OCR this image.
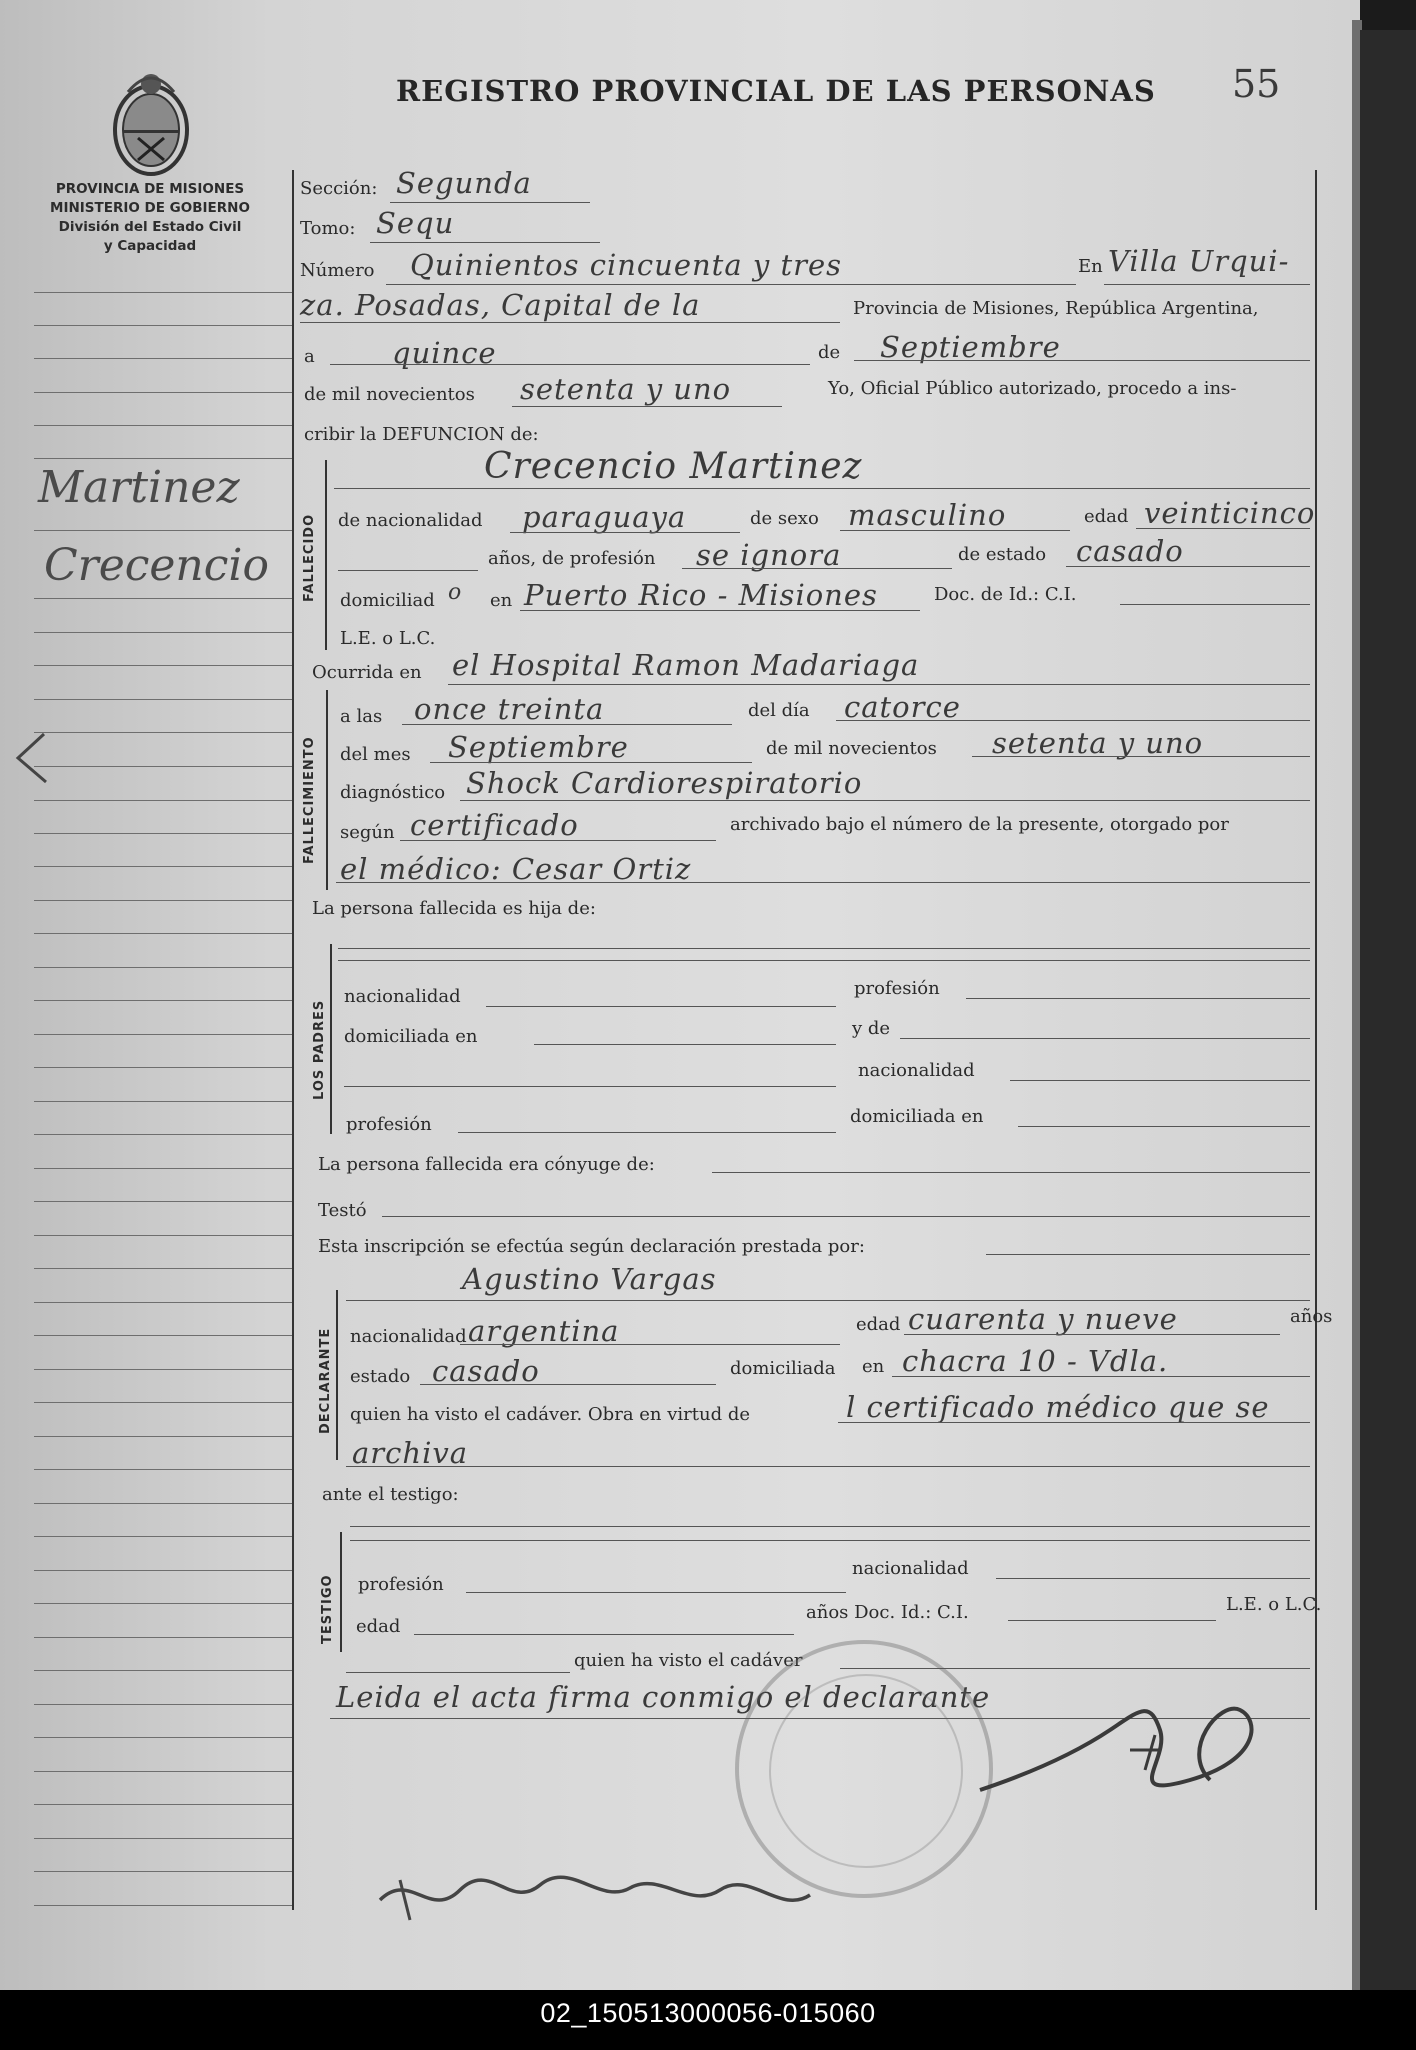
PROVINCIA DE MISIONES
MINISTERIO DE GOBIERNO
División del Estado Civil
y Capacidad
REGISTRO PROVINCIAL DE LAS PERSONAS 55
Martinez
Crecencio
Sección: Segunda
Tomo: Sequ
Número Quinientos cincuenta y tres	En Villa Urqui-
za. Posadas, Capital de la	Provincia de Misiones, República Argentina,
a	quince	de Septiembre
de mil novecientos setenta y uno	Yo, Oficial Público autorizado, procedo a ins-
cribir la DEFUNCION de:
FALLECIDO
Crecencio Martinez
de nacionalidad paraguaya	de sexo masculino	edad veinticinco
años, de profesión se ignora	de estado casado
domiciliad o en Puerto Rico - Misiones	Doc. de Id.: C.I.
L.E. o L.C.
Ocurrida en el Hospital Ramon Madariaga
FALLECIMIENTO
a las once treinta	del día catorce
del mes Septiembre	de mil novecientos setenta y uno
diagnóstico Shock Cardiorespiratorio
según certificado	archivado bajo el número de la presente, otorgado por
el médico: Cesar Ortiz
La persona fallecida es hija de:
LOS PADRES
nacionalidad	profesión
domiciliada en	y de
nacionalidad
profesión	domiciliada en
La persona fallecida era cónyuge de:
Testó
Esta inscripción se efectúa según declaración prestada por:
Agustino Vargas
DECLARANTE nacionalidad argentina	edad cuarenta y nueve	años
estado casado	domiciliada en chacra 10 - Vdla.
quien ha visto el cadáver. Obra en virtud de	l certificado médico que se
archiva
ante el testigo:
TESTIGO profesión
nacionalidad
edad
años Doc. Id.: C.I.	L.E. o L.C.
quien ha visto el cadáver
Leida el acta firma conmigo el declarante
02_150513000056-015060
